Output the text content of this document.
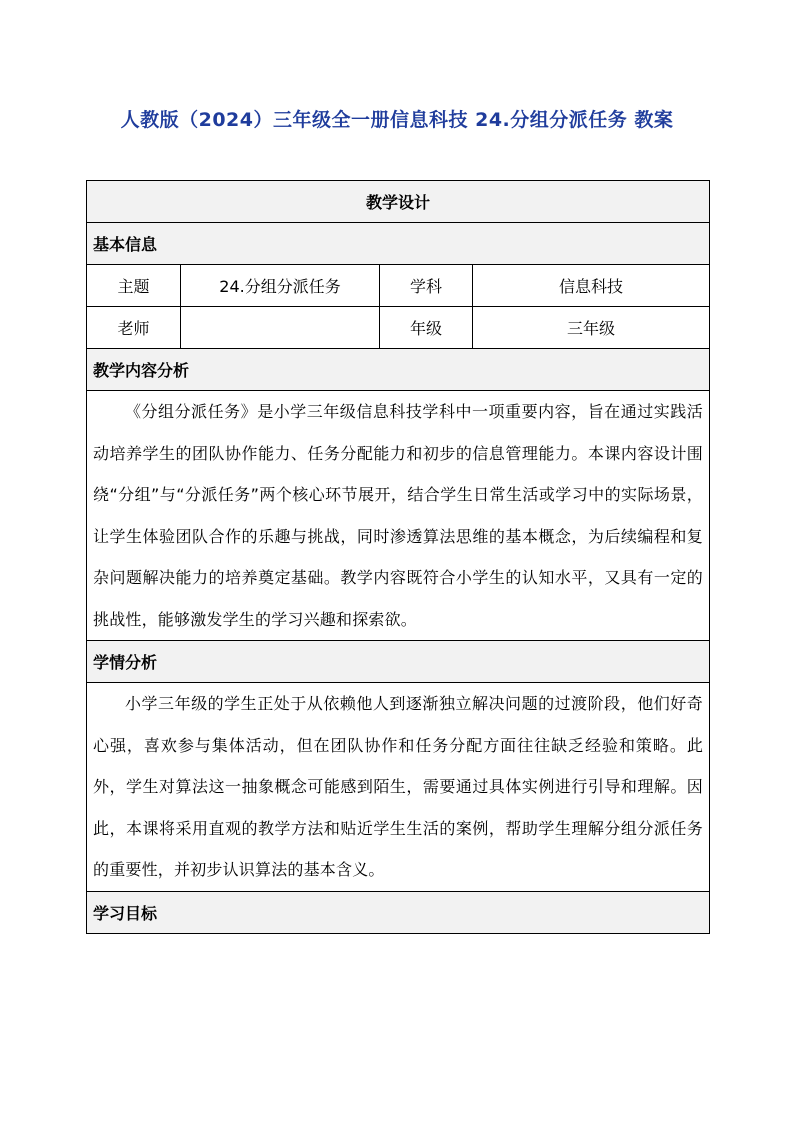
人教版（2024）三年级全一册信息科技 24.分组分派任务 教案
教学设计			
基本信息			
主题	24.分组分派任务	学科	信息科技
老师		年级	三年级
教学内容分析			
《分组分派任务》是小学三年级信息科技学科中一项重要内容，旨在通过实践活动培养学生的团队协作能力、任务分配能力和初步的信息管理能力。本课内容设计围绕“分组”与“分派任务”两个核心环节展开，结合学生日常生活或学习中的实际场景，让学生体验团队合作的乐趣与挑战，同时渗透算法思维的基本概念，为后续编程和复杂问题解决能力的培养奠定基础。教学内容既符合小学生的认知水平，又具有一定的挑战性，能够激发学生的学习兴趣和探索欲。			
学情分析			
小学三年级的学生正处于从依赖他人到逐渐独立解决问题的过渡阶段，他们好奇心强，喜欢参与集体活动，但在团队协作和任务分配方面往往缺乏经验和策略。此外，学生对算法这一抽象概念可能感到陌生，需要通过具体实例进行引导和理解。因此，本课将采用直观的教学方法和贴近学生生活的案例，帮助学生理解分组分派任务的重要性，并初步认识算法的基本含义。			
学习目标			
